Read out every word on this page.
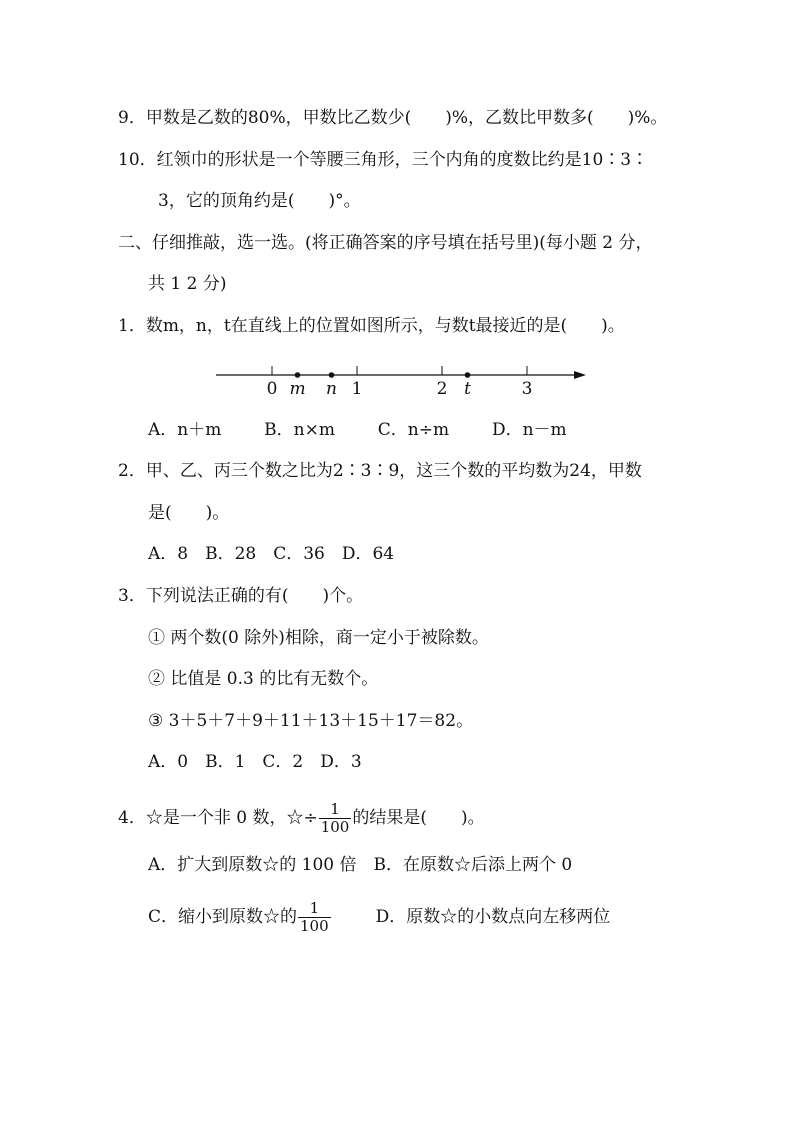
9．甲数是乙数的80%，甲数比乙数少(　　)%，乙数比甲数多(　　)%。
10．红领巾的形状是一个等腰三角形，三个内角的度数比约是10∶3∶
3，它的顶角约是(　　)°。
二、仔细推敲，选一选。(将正确答案的序号填在括号里)(每小题 2 分，
共 1 2 分)
1．数m，n，t在直线上的位置如图所示，与数t最接近的是(　　)。
0 m n 1	2 t	3
A．n＋m	B．n×m	C．n÷m	D．n－m
2．甲、乙、丙三个数之比为2∶3∶9，这三个数的平均数为24，甲数
是(　　)。
A．8　B．28　C．36　D．64
3．下列说法正确的有(　　)个。
① 两个数(0 除外)相除，商一定小于被除数。
② 比值是 0.3 的比有无数个。
③ 3＋5＋7＋9＋11＋13＋15＋17＝82。
A．0　B．1　C．2　D．3
4．☆是一个非 0 数，☆÷ $\frac{1}{100}$ 的结果是(　　)。
A．扩大到原数☆的 100 倍　B．在原数☆后添上两个 0
C．缩小到原数☆的 $\frac{1}{100}$	D．原数☆的小数点向左移两位
